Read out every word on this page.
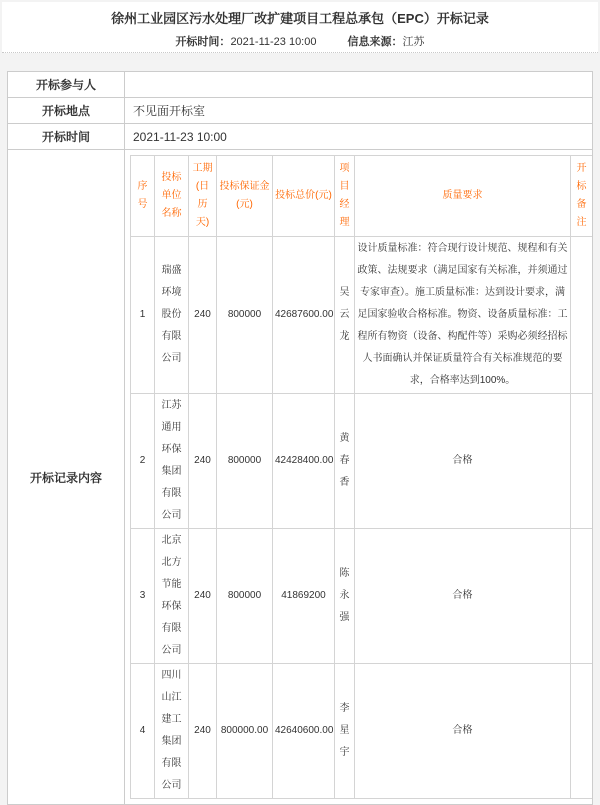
徐州工业园区污水处理厂改扩建项目工程总承包（EPC）开标记录
开标时间：2021-11-23 10:00	信息来源：江苏
开标参与人	
开标地点	不见面开标室
开标时间	2021-11-23 10:00
开标记录内容	
序号	投标单位名称	工期(日历天)	投标保证金(元)	投标总价(元)	项目经理	质量要求	开标备注
1	瑞盛环境股份有限公司	240	800000	42687600.00	吴云龙	设计质量标准：符合现行设计规范、规程和有关政策、法规要求（满足国家有关标准，并须通过专家审查）。施工质量标准：达到设计要求，满足国家验收合格标准。物资、设备质量标准：工程所有物资（设备、构配件等）采购必须经招标人书面确认并保证质量符合有关标准规范的要求，合格率达到100%。	
2	江苏通用环保集团有限公司	240	800000	42428400.00	黄春香	合格	
3	北京北方节能环保有限公司	240	800000	41869200	陈永强	合格	
4	四川山江建工集团有限公司	240	800000.00	42640600.00	李星宇	合格	
